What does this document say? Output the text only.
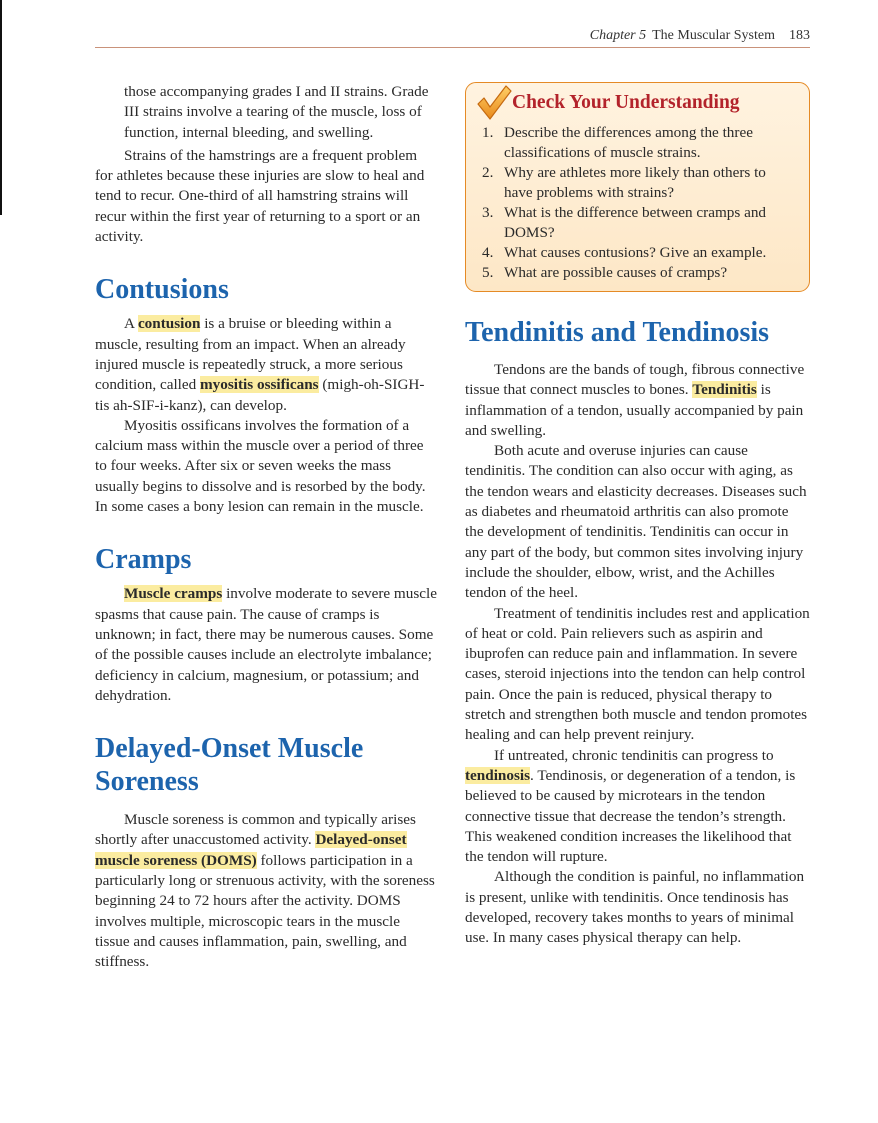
Chapter 5 The Muscular System 183

those accompanying grades I and II strains. Grade III strains involve a tearing of the muscle, loss of function, internal bleeding, and swelling.

Strains of the hamstrings are a frequent problem for athletes because these injuries are slow to heal and tend to recur. One-third of all hamstring strains will recur within the first year of returning to a sport or an activity.

Contusions

A contusion is a bruise or bleeding within a muscle, resulting from an impact. When an already injured muscle is repeatedly struck, a more serious condition, called myositis ossificans (migh-oh-SIGH-tis ah-SIF-i-kanz), can develop.

Myositis ossificans involves the formation of a calcium mass within the muscle over a period of three to four weeks. After six or seven weeks the mass usually begins to dissolve and is resorbed by the body. In some cases a bony lesion can remain in the muscle.

Cramps

Muscle cramps involve moderate to severe muscle spasms that cause pain. The cause of cramps is unknown; in fact, there may be numerous causes. Some of the possible causes include an electrolyte imbalance; deficiency in calcium, magnesium, or potassium; and dehydration.

Delayed-Onset Muscle Soreness

Muscle soreness is common and typically arises shortly after unaccustomed activity. Delayed-onset muscle soreness (DOMS) follows participation in a particularly long or strenuous activity, with the soreness beginning 24 to 72 hours after the activity. DOMS involves multiple, microscopic tears in the muscle tissue and causes inflammation, pain, swelling, and stiffness.

Check Your Understanding
1. Describe the differences among the three classifications of muscle strains.
2. Why are athletes more likely than others to have problems with strains?
3. What is the difference between cramps and DOMS?
4. What causes contusions? Give an example.
5. What are possible causes of cramps?
Tendinitis and Tendinosis

Tendons are the bands of tough, fibrous connective tissue that connect muscles to bones. Tendinitis is inflammation of a tendon, usually accompanied by pain and swelling.

Both acute and overuse injuries can cause tendinitis. The condition can also occur with aging, as the tendon wears and elasticity decreases. Diseases such as diabetes and rheumatoid arthritis can also promote the development of tendinitis. Tendinitis can occur in any part of the body, but common sites involving injury include the shoulder, elbow, wrist, and the Achilles tendon of the heel.

Treatment of tendinitis includes rest and application of heat or cold. Pain relievers such as aspirin and ibuprofen can reduce pain and inflammation. In severe cases, steroid injections into the tendon can help control pain. Once the pain is reduced, physical therapy to stretch and strengthen both muscle and tendon promotes healing and can help prevent reinjury.

If untreated, chronic tendinitis can progress to tendinosis. Tendinosis, or degeneration of a tendon, is believed to be caused by microtears in the tendon connective tissue that decrease the tendon’s strength. This weakened condition increases the likelihood that the tendon will rupture.

Although the condition is painful, no inflammation is present, unlike with tendinitis. Once tendinosis has developed, recovery takes months to years of minimal use. In many cases physical therapy can help.
